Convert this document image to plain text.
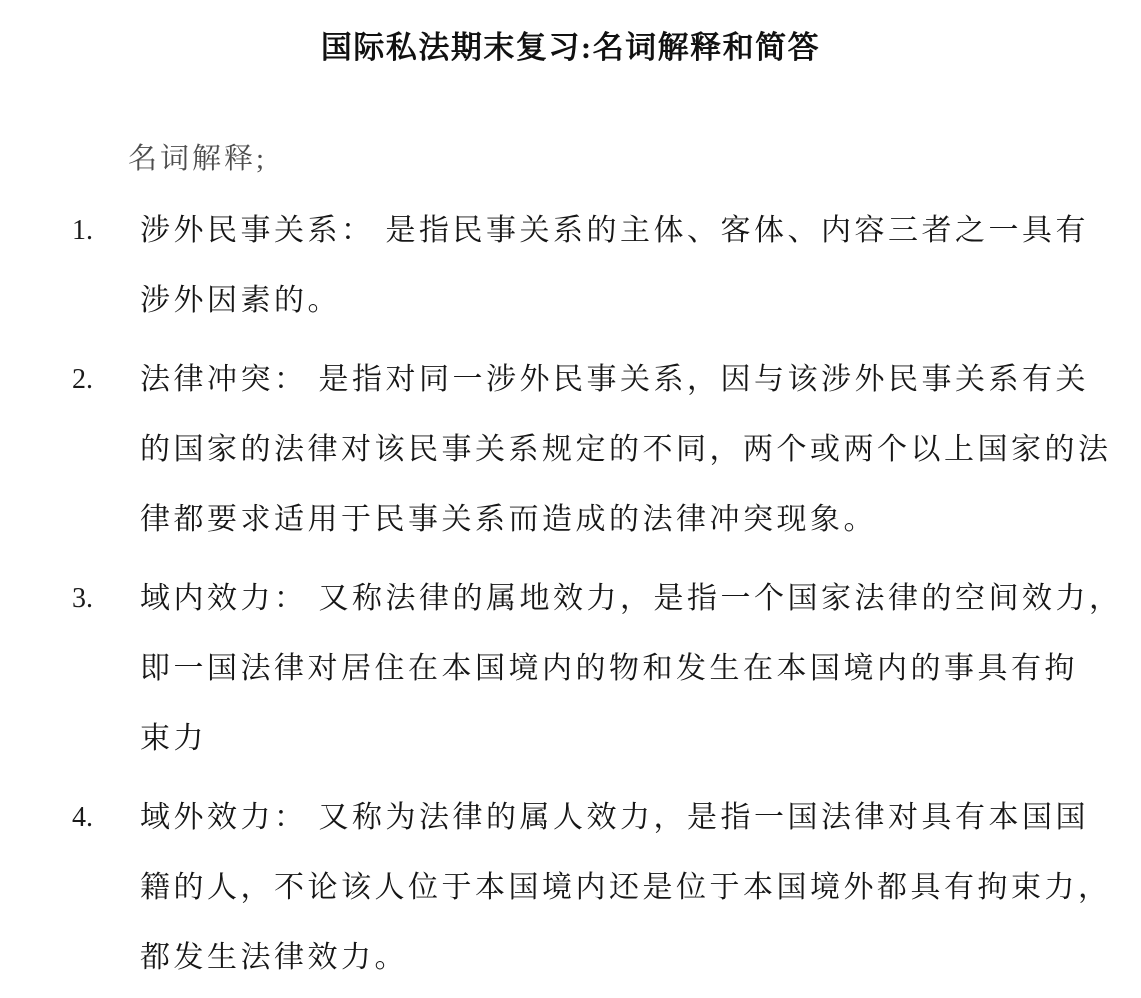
国际私法期末复习:名词解释和简答
名词解释;
1.	涉外民事关系： 是指民事关系的主体、客体、内容三者之一具有
涉外因素的。
2.	法律冲突： 是指对同一涉外民事关系，因与该涉外民事关系有关
的国家的法律对该民事关系规定的不同，两个或两个以上国家的法
律都要求适用于民事关系而造成的法律冲突现象。
3.	域内效力： 又称法律的属地效力，是指一个国家法律的空间效力，
即一国法律对居住在本国境内的物和发生在本国境内的事具有拘
束力
4.	域外效力： 又称为法律的属人效力，是指一国法律对具有本国国
籍的人，不论该人位于本国境内还是位于本国境外都具有拘束力，
都发生法律效力。
